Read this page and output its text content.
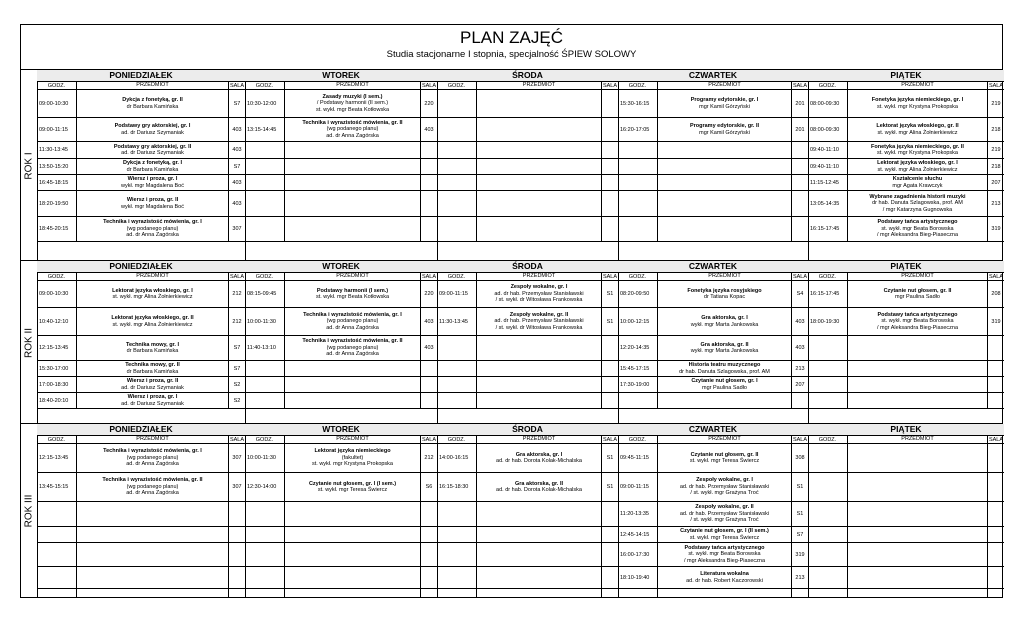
PLAN ZAJĘĆ
Studia stacjonarne I stopnia, specjalność ŚPIEW SOLOWY
ROK I
PONIEDZIAŁEK
GODZ.	PRZEDMIOT	SALA
09:00-10:30
Dykcja z fonetyką, gr. II
dr Barbara Kamińska	S7
09:00-11:15
Podstawy gry aktorskiej, gr. I
ad. dr Dariusz Szymaniak	403
11:30-13:45
Podstawy gry aktorskiej, gr. II
ad. dr Dariusz Szymaniak	403
13:50-15:20
Dykcja z fonetyką, gr. I
dr Barbara Kamińska	S7
16:45-18:15
Wiersz i proza, gr. I
wykł. mgr Magdalena Boć	403
18:20-19:50
Wiersz i proza, gr. II
wykł. mgr Magdalena Boć	403
18:45-20:15
Technika i wyrazistość mówienia, gr. I
(wg podanego planu)
ad. dr Anna Zagórska
307
WTOREK
GODZ.	PRZEDMIOT	SALA
10:30-12:00
Zasady muzyki (I sem.)
/ Podstawy harmonii (II sem.)
st. wykł. mgr Beata Kotłowska
220
13:15-14:45
Technika i wyrazistość mówienia, gr. II
(wg podanego planu)
ad. dr Anna Zagórska
403
ŚRODA
GODZ.	PRZEDMIOT	SALA
CZWARTEK
GODZ.	PRZEDMIOT	SALA
15:30-16:15
Programy edytorskie, gr. I
mgr Kamil Górzyński	201
16:20-17:05
Programy edytorskie, gr. II
mgr Kamil Górzyński	201
PIĄTEK
GODZ.	PRZEDMIOT	SALA
08:00-09:30
Fonetyka języka niemieckiego, gr. I
st. wykł. mgr Krystyna Prokopska	219
08:00-09:30
Lektorat języka włoskiego, gr. II
st. wykł. mgr Alina Żołnierkiewicz	218
09:40-11:10
Fonetyka języka niemieckiego, gr. II
st. wykł. mgr Krystyna Prokopska	219
09:40-11:10
Lektorat języka włoskiego, gr. I
st. wykł. mgr Alina Żołnierkiewicz	218
11:15-12:45
Kształcenie słuchu
mgr Agata Krawczyk	207
13:05-14:35
Wybrane zagadnienia historii muzyki
dr hab. Danuta Szlagowska, prof. AM
/ mgr Katarzyna Gugnowska
213
16:15-17:45
Podstawy tańca artystycznego
st. wykł. mgr Beata Borowska
/ mgr Aleksandra Bieg-Piaseczna
319
ROK II
PONIEDZIAŁEK
GODZ.	PRZEDMIOT	SALA
09:00-10:30
Lektorat języka włoskiego, gr. I
st. wykł. mgr Alina Żołnierkiewicz	212
10:40-12:10
Lektorat języka włoskiego, gr. II
st. wykł. mgr Alina Żołnierkiewicz	212
12:15-13:45
Technika mowy, gr. I
dr Barbara Kamińska	S7
15:30-17:00
Technika mowy, gr. II
dr Barbara Kamińska	S7
17:00-18:30
Wiersz i proza, gr. II
ad. dr Dariusz Szymaniak	S2
18:40-20:10
Wiersz i proza, gr. I
ad. dr Dariusz Szymaniak	S2
WTOREK
GODZ.	PRZEDMIOT	SALA
08:15-09:45
Podstawy harmonii (I sem.)
st. wykł. mgr Beata Kotłowska	220
10:00-11:30
Technika i wyrazistość mówienia, gr. I
(wg podanego planu)
ad. dr Anna Zagórska
403
11:40-13:10
Technika i wyrazistość mówienia, gr. II
(wg podanego planu)
ad. dr Anna Zagórska
403
ŚRODA
GODZ.	PRZEDMIOT	SALA
09:00-11:15
Zespoły wokalne, gr. I
ad. dr hab. Przemysław Stanisławski
/ st. wykł. dr Witosława Frankowska
S1
11:30-13:45
Zespoły wokalne, gr. II
ad. dr hab. Przemysław Stanisławski
/ st. wykł. dr Witosława Frankowska
S1
CZWARTEK
GODZ.	PRZEDMIOT	SALA
08:20-09:50
Fonetyka języka rosyjskiego
dr Tatiana Kopac	S4
10:00-12:15
Gra aktorska, gr. I
wykł. mgr Marta Jankowska	403
12:20-14:35
Gra aktorska, gr. II
wykł. mgr Marta Jankowska	403
15:45-17:15
Historia teatru muzycznego
dr hab. Danuta Szlagowska, prof. AM	213
17:30-19:00
Czytanie nut głosem, gr. I
mgr Paulina Sadło	207
PIĄTEK
GODZ.	PRZEDMIOT	SALA
16:15-17:45
Czytanie nut głosem, gr. II
mgr Paulina Sadło	208
18:00-19:30
Podstawy tańca artystycznego
st. wykł. mgr Beata Borowska
/ mgr Aleksandra Bieg-Piaseczna
319
ROK III
PONIEDZIAŁEK
GODZ.	PRZEDMIOT	SALA
12:15-13:45
Technika i wyrazistość mówienia, gr. I
(wg podanego planu)
ad. dr Anna Zagórska
307
13:45-15:15
Technika i wyrazistość mówienia, gr. II
(wg podanego planu)
ad. dr Anna Zagórska
307
WTOREK
GODZ.	PRZEDMIOT	SALA
10:00-11:30
Lektorat języka niemieckiego
(fakultet)
st. wykł. mgr Krystyna Prokopska
212
12:30-14:00
Czytanie nut głosem, gr. I (I sem.)
st. wykł. mgr Teresa Świercz	S6
ŚRODA
GODZ.	PRZEDMIOT	SALA
14:00-16:15
Gra aktorska, gr. I
ad. dr hab. Dorota Kolak-Michalska	S1
16:15-18:30
Gra aktorska, gr. II
ad. dr hab. Dorota Kolak-Michalska	S1
CZWARTEK
GODZ.	PRZEDMIOT	SALA
09:45-11:15
Czytanie nut głosem, gr. II
st. wykł. mgr Teresa Świercz	308
09:00-11:15
Zespoły wokalne, gr. I
ad. dr hab. Przemysław Stanisławski
/ st. wykł. mgr Grażyna Troć
S1
11:20-13:35
Zespoły wokalne, gr. II
ad. dr hab. Przemysław Stanisławski
/ st. wykł. mgr Grażyna Troć
S1
12:45-14:15
Czytanie nut głosem, gr. I (II sem.)
st. wykł. mgr Teresa Świercz	S7
16:00-17:30
Podstawy tańca artystycznego
st. wykł. mgr Beata Borowska
/ mgr Aleksandra Bieg-Piaseczna
319
18:10-19:40
Literatura wokalna
ad. dr hab. Robert Kaczorowski	213
PIĄTEK
GODZ.	PRZEDMIOT	SALA
